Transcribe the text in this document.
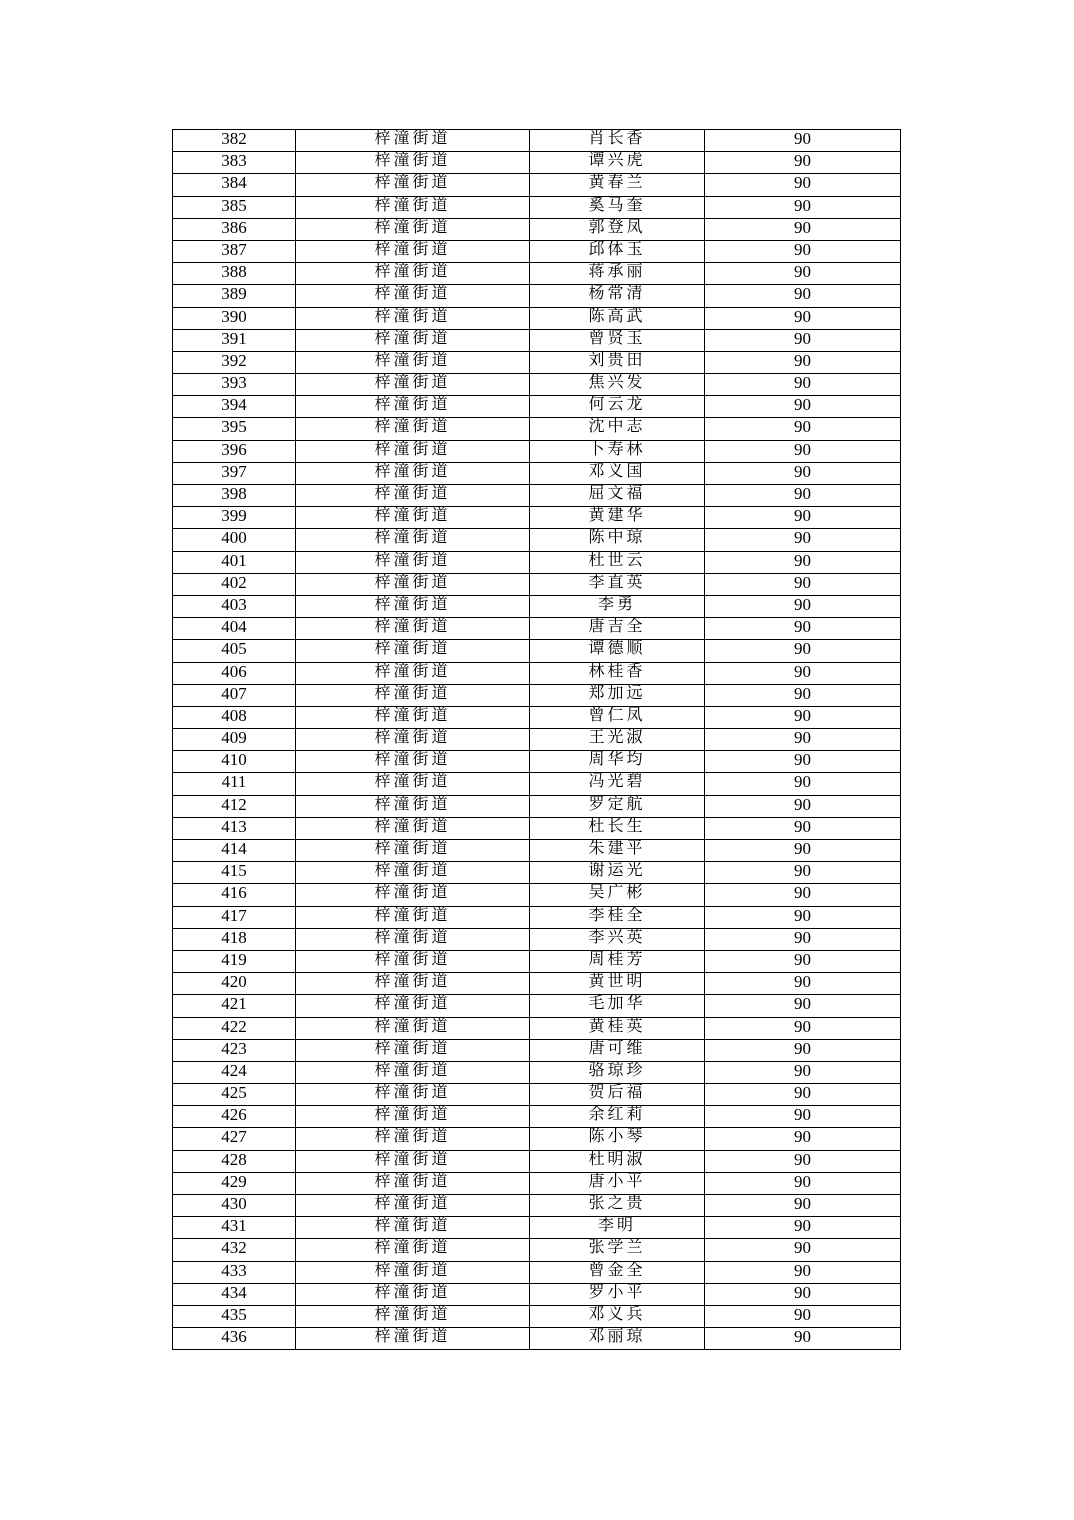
382	梓潼街道	肖长香	90
383	梓潼街道	谭兴虎	90
384	梓潼街道	黄春兰	90
385	梓潼街道	奚马奎	90
386	梓潼街道	郭登凤	90
387	梓潼街道	邱体玉	90
388	梓潼街道	蒋承丽	90
389	梓潼街道	杨常清	90
390	梓潼街道	陈高武	90
391	梓潼街道	曾贤玉	90
392	梓潼街道	刘贵田	90
393	梓潼街道	焦兴发	90
394	梓潼街道	何云龙	90
395	梓潼街道	沈中志	90
396	梓潼街道	卜寿林	90
397	梓潼街道	邓义国	90
398	梓潼街道	屈文福	90
399	梓潼街道	黄建华	90
400	梓潼街道	陈中琼	90
401	梓潼街道	杜世云	90
402	梓潼街道	李直英	90
403	梓潼街道	李勇	90
404	梓潼街道	唐吉全	90
405	梓潼街道	谭德顺	90
406	梓潼街道	林桂香	90
407	梓潼街道	郑加远	90
408	梓潼街道	曾仁凤	90
409	梓潼街道	王光淑	90
410	梓潼街道	周华均	90
411	梓潼街道	冯光碧	90
412	梓潼街道	罗定航	90
413	梓潼街道	杜长生	90
414	梓潼街道	朱建平	90
415	梓潼街道	谢运光	90
416	梓潼街道	吴广彬	90
417	梓潼街道	李桂全	90
418	梓潼街道	李兴英	90
419	梓潼街道	周桂芳	90
420	梓潼街道	黄世明	90
421	梓潼街道	毛加华	90
422	梓潼街道	黄桂英	90
423	梓潼街道	唐可维	90
424	梓潼街道	骆琼珍	90
425	梓潼街道	贺后福	90
426	梓潼街道	余红莉	90
427	梓潼街道	陈小琴	90
428	梓潼街道	杜明淑	90
429	梓潼街道	唐小平	90
430	梓潼街道	张之贵	90
431	梓潼街道	李明	90
432	梓潼街道	张学兰	90
433	梓潼街道	曾金全	90
434	梓潼街道	罗小平	90
435	梓潼街道	邓义兵	90
436	梓潼街道	邓丽琼	90
